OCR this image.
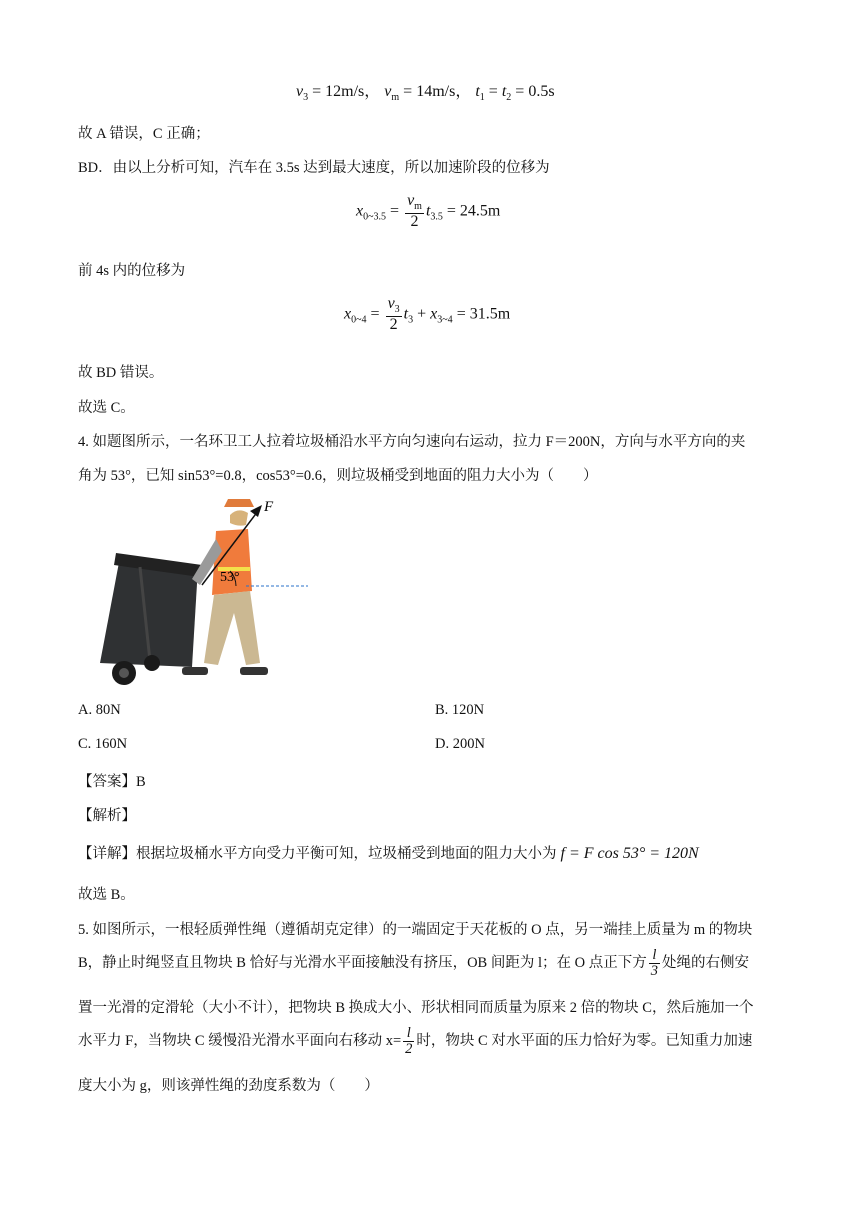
$v_3 = 12m/s$， $v_m = 14m/s$， $t_1 = t_2 = 0.5s$
故 A 错误，C 正确；
BD．由以上分析可知，汽车在 3.5s 达到最大速度，所以加速阶段的位移为
$x_{0\sim 3.5} = \frac{v_m}{2} t_{3.5} = 24.5m$
前 4s 内的位移为
$x_{0\sim 4} = \frac{v_3}{2} t_3 + x_{3\sim 4} = 31.5m$
故 BD 错误。
故选 C。
4. 如题图所示，一名环卫工人拉着垃圾桶沿水平方向匀速向右运动，拉力 F＝200N，方向与水平方向的夹
角为 53°，已知 sin53°=0.8，cos53°=0.6，则垃圾桶受到地面的阻力大小为（　　）
F
53°
A. 80N	B. 120N
C. 160N	D. 200N
【答案】B
【解析】
【详解】根据垃圾桶水平方向受力平衡可知，垃圾桶受到地面的阻力大小为 f = F cos 53° = 120N
故选 B。
5. 如图所示，一根轻质弹性绳（遵循胡克定律）的一端固定于天花板的 O 点，另一端挂上质量为 m 的物块
B，静止时绳竖直且物块 B 恰好与光滑水平面接触没有挤压，OB 间距为 l；在 O 点正下方 $\frac{l}{3}$ 处绳的右侧安
置一光滑的定滑轮（大小不计），把物块 B 换成大小、形状相同而质量为原来 2 倍的物块 C，然后施加一个
水平力 F，当物块 C 缓慢沿光滑水平面向右移动 $x= \frac{l}{2}$ 时，物块 C 对水平面的压力恰好为零。已知重力加速
度大小为 g，则该弹性绳的劲度系数为（　　）
